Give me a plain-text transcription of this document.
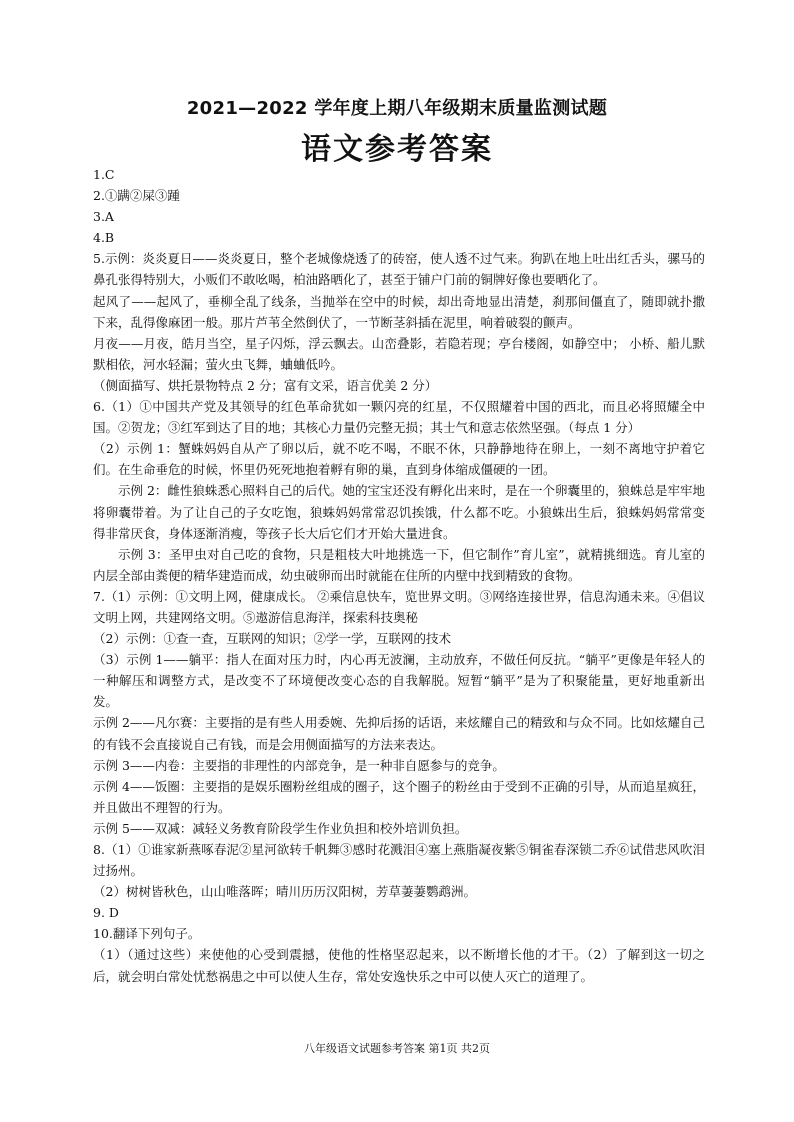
2021—2022 学年度上期八年级期末质量监测试题
语文参考答案

1.C

2.①蹒②屎③踵

3.A

4.B

5.示例：炎炎夏日——炎炎夏日，整个老城像烧透了的砖窑，使人透不过气来。狗趴在地上吐出红舌头，骡马的鼻孔张得特别大，小贩们不敢吆喝，柏油路晒化了，甚至于铺户门前的铜牌好像也要晒化了。

起风了——起风了，垂柳全乱了线条，当抛举在空中的时候，却出奇地显出清楚，刹那间僵直了，随即就扑撒下来，乱得像麻团一般。那片芦苇全然倒伏了，一节断茎斜插在泥里，响着破裂的颤声。

月夜——月夜，皓月当空，星子闪烁，浮云飘去。山峦叠影，若隐若现；亭台楼阁，如静空中； 小桥、船儿默默相依，河水轻漏；萤火虫飞舞，蛐蛐低吟。

（侧面描写、烘托景物特点 2 分；富有文采，语言优美 2 分）

6.（1）①中国共产党及其领导的红色革命犹如一颗闪亮的红星，不仅照耀着中国的西北，而且必将照耀全中国。②贺龙；③红军到达了目的地；其核心力量仍完整无损；其士气和意志依然坚强。（每点 1 分）

（2）示例 1：蟹蛛妈妈自从产了卵以后，就不吃不喝，不眠不休，只静静地待在卵上，一刻不离地守护着它们。在生命垂危的时候，怀里仍死死地抱着孵有卵的巢，直到身体缩成僵硬的一团。

示例 2：雌性狼蛛悉心照料自己的后代。她的宝宝还没有孵化出来时，是在一个卵囊里的，狼蛛总是牢牢地将卵囊带着。为了让自己的子女吃饱，狼蛛妈妈常常忍饥挨饿，什么都不吃。小狼蛛出生后，狼蛛妈妈常常变得非常厌食，身体逐渐消瘦，等孩子长大后它们才开始大量进食。

示例 3：圣甲虫对自己吃的食物，只是粗枝大叶地挑选一下，但它制作”育儿室”，就精挑细选。育儿室的内层全部由粪便的精华建造而成，幼虫破卵而出时就能在住所的内壁中找到精致的食物。

7.（1）示例：①文明上网，健康成长。 ②乘信息快车，览世界文明。③网络连接世界，信息沟通未来。④倡议文明上网，共建网络文明。⑤遨游信息海洋，探索科技奥秘

（2）示例：①查一查，互联网的知识；②学一学，互联网的技术

（3）示例 1——躺平：指人在面对压力时，内心再无波澜，主动放弃，不做任何反抗。“躺平”更像是年轻人的一种解压和调整方式，是改变不了环境便改变心态的自我解脱。短暂“躺平”是为了积聚能量，更好地重新出发。

示例 2——凡尔赛：主要指的是有些人用委婉、先抑后扬的话语，来炫耀自己的精致和与众不同。比如炫耀自己的有钱不会直接说自己有钱，而是会用侧面描写的方法来表达。

示例 3——内卷：主要指的非理性的内部竞争，是一种非自愿参与的竞争。

示例 4——饭圈：主要指的是娱乐圈粉丝组成的圈子，这个圈子的粉丝由于受到不正确的引导，从而追星疯狂，并且做出不理智的行为。

示例 5——双减：减轻义务教育阶段学生作业负担和校外培训负担。

8.（1）①谁家新燕啄春泥②星河欲转千帆舞③感时花溅泪④塞上燕脂凝夜紫⑤铜雀春深锁二乔⑥试借悲风吹泪过扬州。

（2）树树皆秋色，山山唯落晖；晴川历历汉阳树，芳草萋萋鹦鹉洲。

9. D

10.翻译下列句子。

（1）（通过这些）来使他的心受到震撼，使他的性格坚忍起来，以不断增长他的才干。（2）了解到这一切之后，就会明白常处忧愁祸患之中可以使人生存，常处安逸快乐之中可以使人灭亡的道理了。

八年级语文试题参考答案 第1页 共2页
